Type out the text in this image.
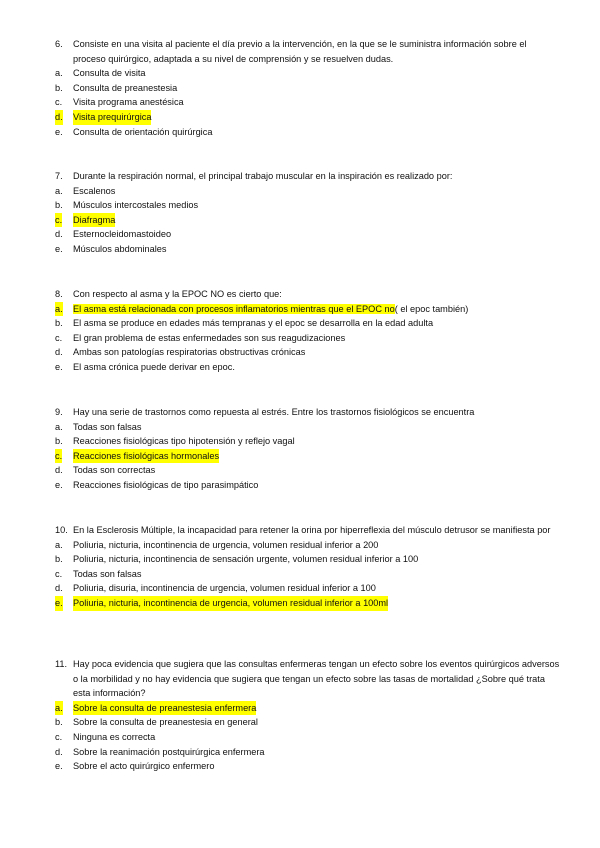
6.	Consiste en una visita al paciente el día previo a la intervención, en la que se le suministra información sobre el proceso quirúrgico, adaptada a su nivel de comprensión y se resuelven dudas.
a. Consulta de visita
b. Consulta de preanestesia
c. Visita programa anestésica
d. Visita prequirúrgica
e. Consulta de orientación quirúrgica
7. Durante la respiración normal, el principal trabajo muscular en la inspiración es realizado por:
a. Escalenos
b. Músculos intercostales medios
c. Diafragma
d. Esternocleidomastoideo
e. Músculos abdominales
8. Con respecto al asma y la EPOC NO es cierto que:
a. El asma está relacionada con procesos inflamatorios mientras que el EPOC no( el epoc también)
b. El asma se produce en edades más tempranas y el epoc se desarrolla en la edad adulta
c. El gran problema de estas enfermedades son sus reagudizaciones
d. Ambas son patologías respiratorias obstructivas crónicas
e. El asma crónica puede derivar en epoc.
9. Hay una serie de trastornos como repuesta al estrés. Entre los trastornos fisiológicos se encuentra
a. Todas son falsas
b. Reacciones fisiológicas tipo hipotensión y reflejo vagal
c. Reacciones fisiológicas hormonales
d. Todas son correctas
e. Reacciones fisiológicas de tipo parasimpático
10. En la Esclerosis Múltiple, la incapacidad para retener la orina por hiperreflexia del músculo detrusor se manifiesta por
a. Poliuria, nicturia, incontinencia de urgencia, volumen residual inferior a 200
b. Poliuria, nicturia, incontinencia de sensación urgente, volumen residual inferior a 100
c. Todas son falsas
d. Poliuria, disuria, incontinencia de urgencia, volumen residual inferior a 100
e. Poliuria, nicturia, incontinencia de urgencia, volumen residual inferior a 100ml
11. Hay poca evidencia que sugiera que las consultas enfermeras tengan un efecto sobre los eventos quirúrgicos adversos o la morbilidad y no hay evidencia que sugiera que tengan un efecto sobre las tasas de mortalidad ¿Sobre qué trata esta información?
a. Sobre la consulta de preanestesia enfermera
b. Sobre la consulta de preanestesia en general
c. Ninguna es correcta
d. Sobre la reanimación postquirúrgica enfermera
e. Sobre el acto quirúrgico enfermero
